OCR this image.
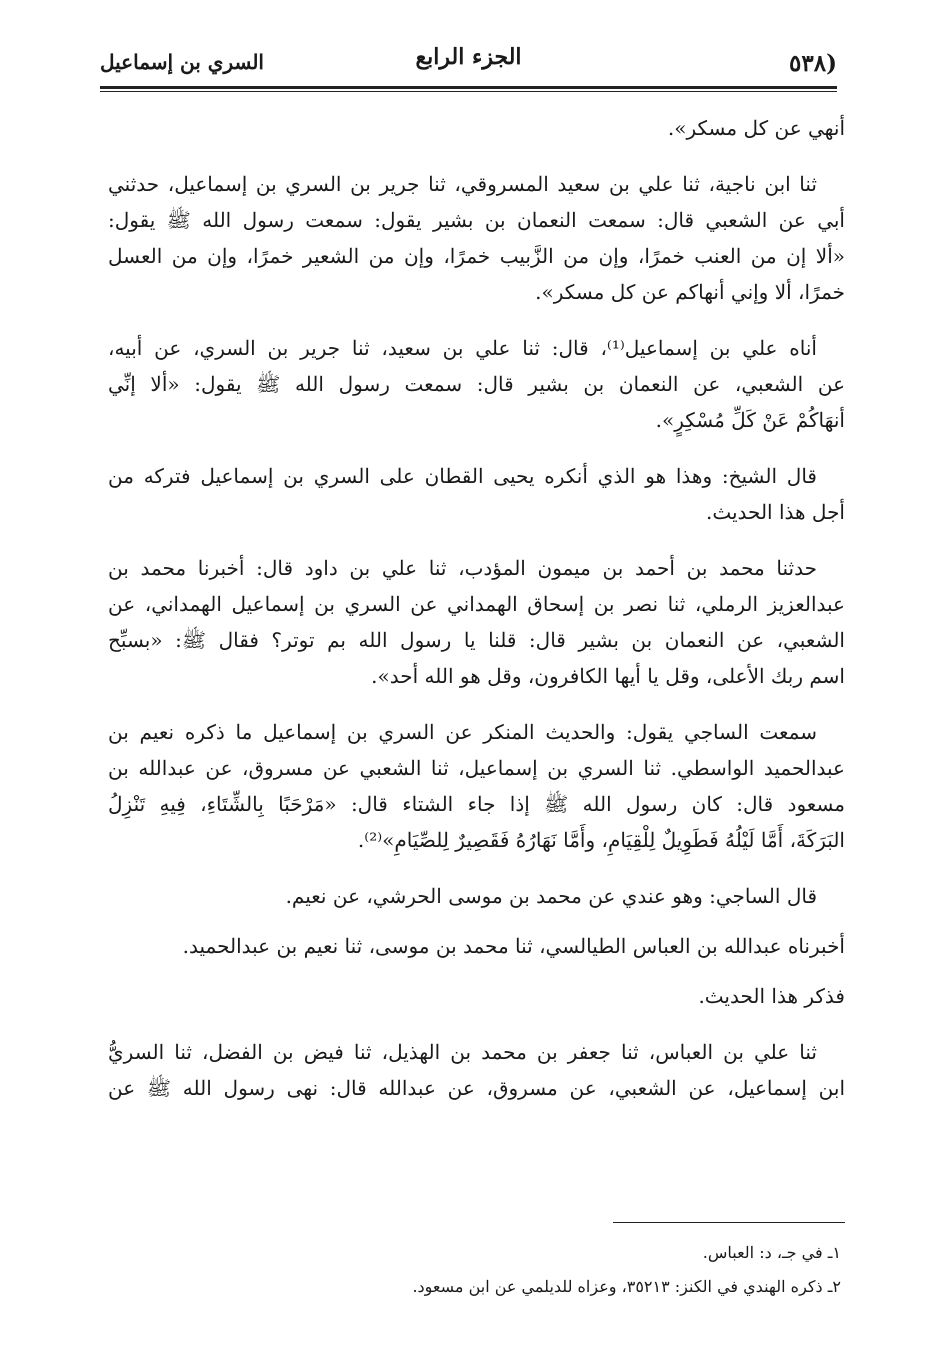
(٥٣٨
الجزء الرابع
السري بن إسماعيل

أنهي عن كل مسكر».

ثنا ابن ناجية، ثنا علي بن سعيد المسروقي، ثنا جرير بن السري بن إسماعيل، حدثني
أبي عن الشعبي قال: سمعت النعمان بن بشير يقول: سمعت رسول الله ﷺ يقول:
«ألا إن من العنب خمرًا، وإن من الزَّبيب خمرًا، وإن من الشعير خمرًا، وإن من العسل
خمرًا، ألا وإني أنهاكم عن كل مسكر».

أناه علي بن إسماعيل⁽¹⁾، قال: ثنا علي بن سعيد، ثنا جرير بن السري، عن أبيه،
عن الشعبي، عن النعمان بن بشير قال: سمعت رسول الله ﷺ يقول: «ألا إنِّي
أنهَاكُمْ عَنْ كَلِّ مُسْكِرٍ».

قال الشيخ: وهذا هو الذي أنكره يحيى القطان على السري بن إسماعيل فتركه من
أجل هذا الحديث.

حدثنا محمد بن أحمد بن ميمون المؤدب، ثنا علي بن داود قال: أخبرنا محمد بن
عبدالعزيز الرملي، ثنا نصر بن إسحاق الهمداني عن السري بن إسماعيل الهمداني، عن
الشعبي، عن النعمان بن بشير قال: قلنا يا رسول الله بم توتر؟ فقال ﷺ: «بسبِّح
اسم ربك الأعلى، وقل يا أيها الكافرون، وقل هو الله أحد».

سمعت الساجي يقول: والحديث المنكر عن السري بن إسماعيل ما ذكره نعيم بن
عبدالحميد الواسطي. ثنا السري بن إسماعيل، ثنا الشعبي عن مسروق، عن عبدالله بن
مسعود قال: كان رسول الله ﷺ إذا جاء الشتاء قال: «مَرْحَبًا بِالشِّتَاءِ، فِيهِ تَنْزِلُ
البَرَكَةَ، أَمَّا لَيْلُهُ فَطَوِيلٌ لِلْقِيَامِ، وأَمَّا نَهَارُهُ فَقَصِيرٌ لِلصِّيَامِ»⁽²⁾.

قال الساجي: وهو عندي عن محمد بن موسى الحرشي، عن نعيم.

أخبرناه عبدالله بن العباس الطيالسي، ثنا محمد بن موسى، ثنا نعيم بن عبدالحميد.

فذكر هذا الحديث.

ثنا علي بن العباس، ثنا جعفر بن محمد بن الهذيل، ثنا فيض بن الفضل، ثنا السريُّ
ابن إسماعيل، عن الشعبي، عن مسروق، عن عبدالله قال: نهى رسول الله ﷺ عن

١ـ في جـ، د: العباس.
٢ـ ذكره الهندي في الكنز: ٣٥٢١٣، وعزاه للديلمي عن ابن مسعود.
